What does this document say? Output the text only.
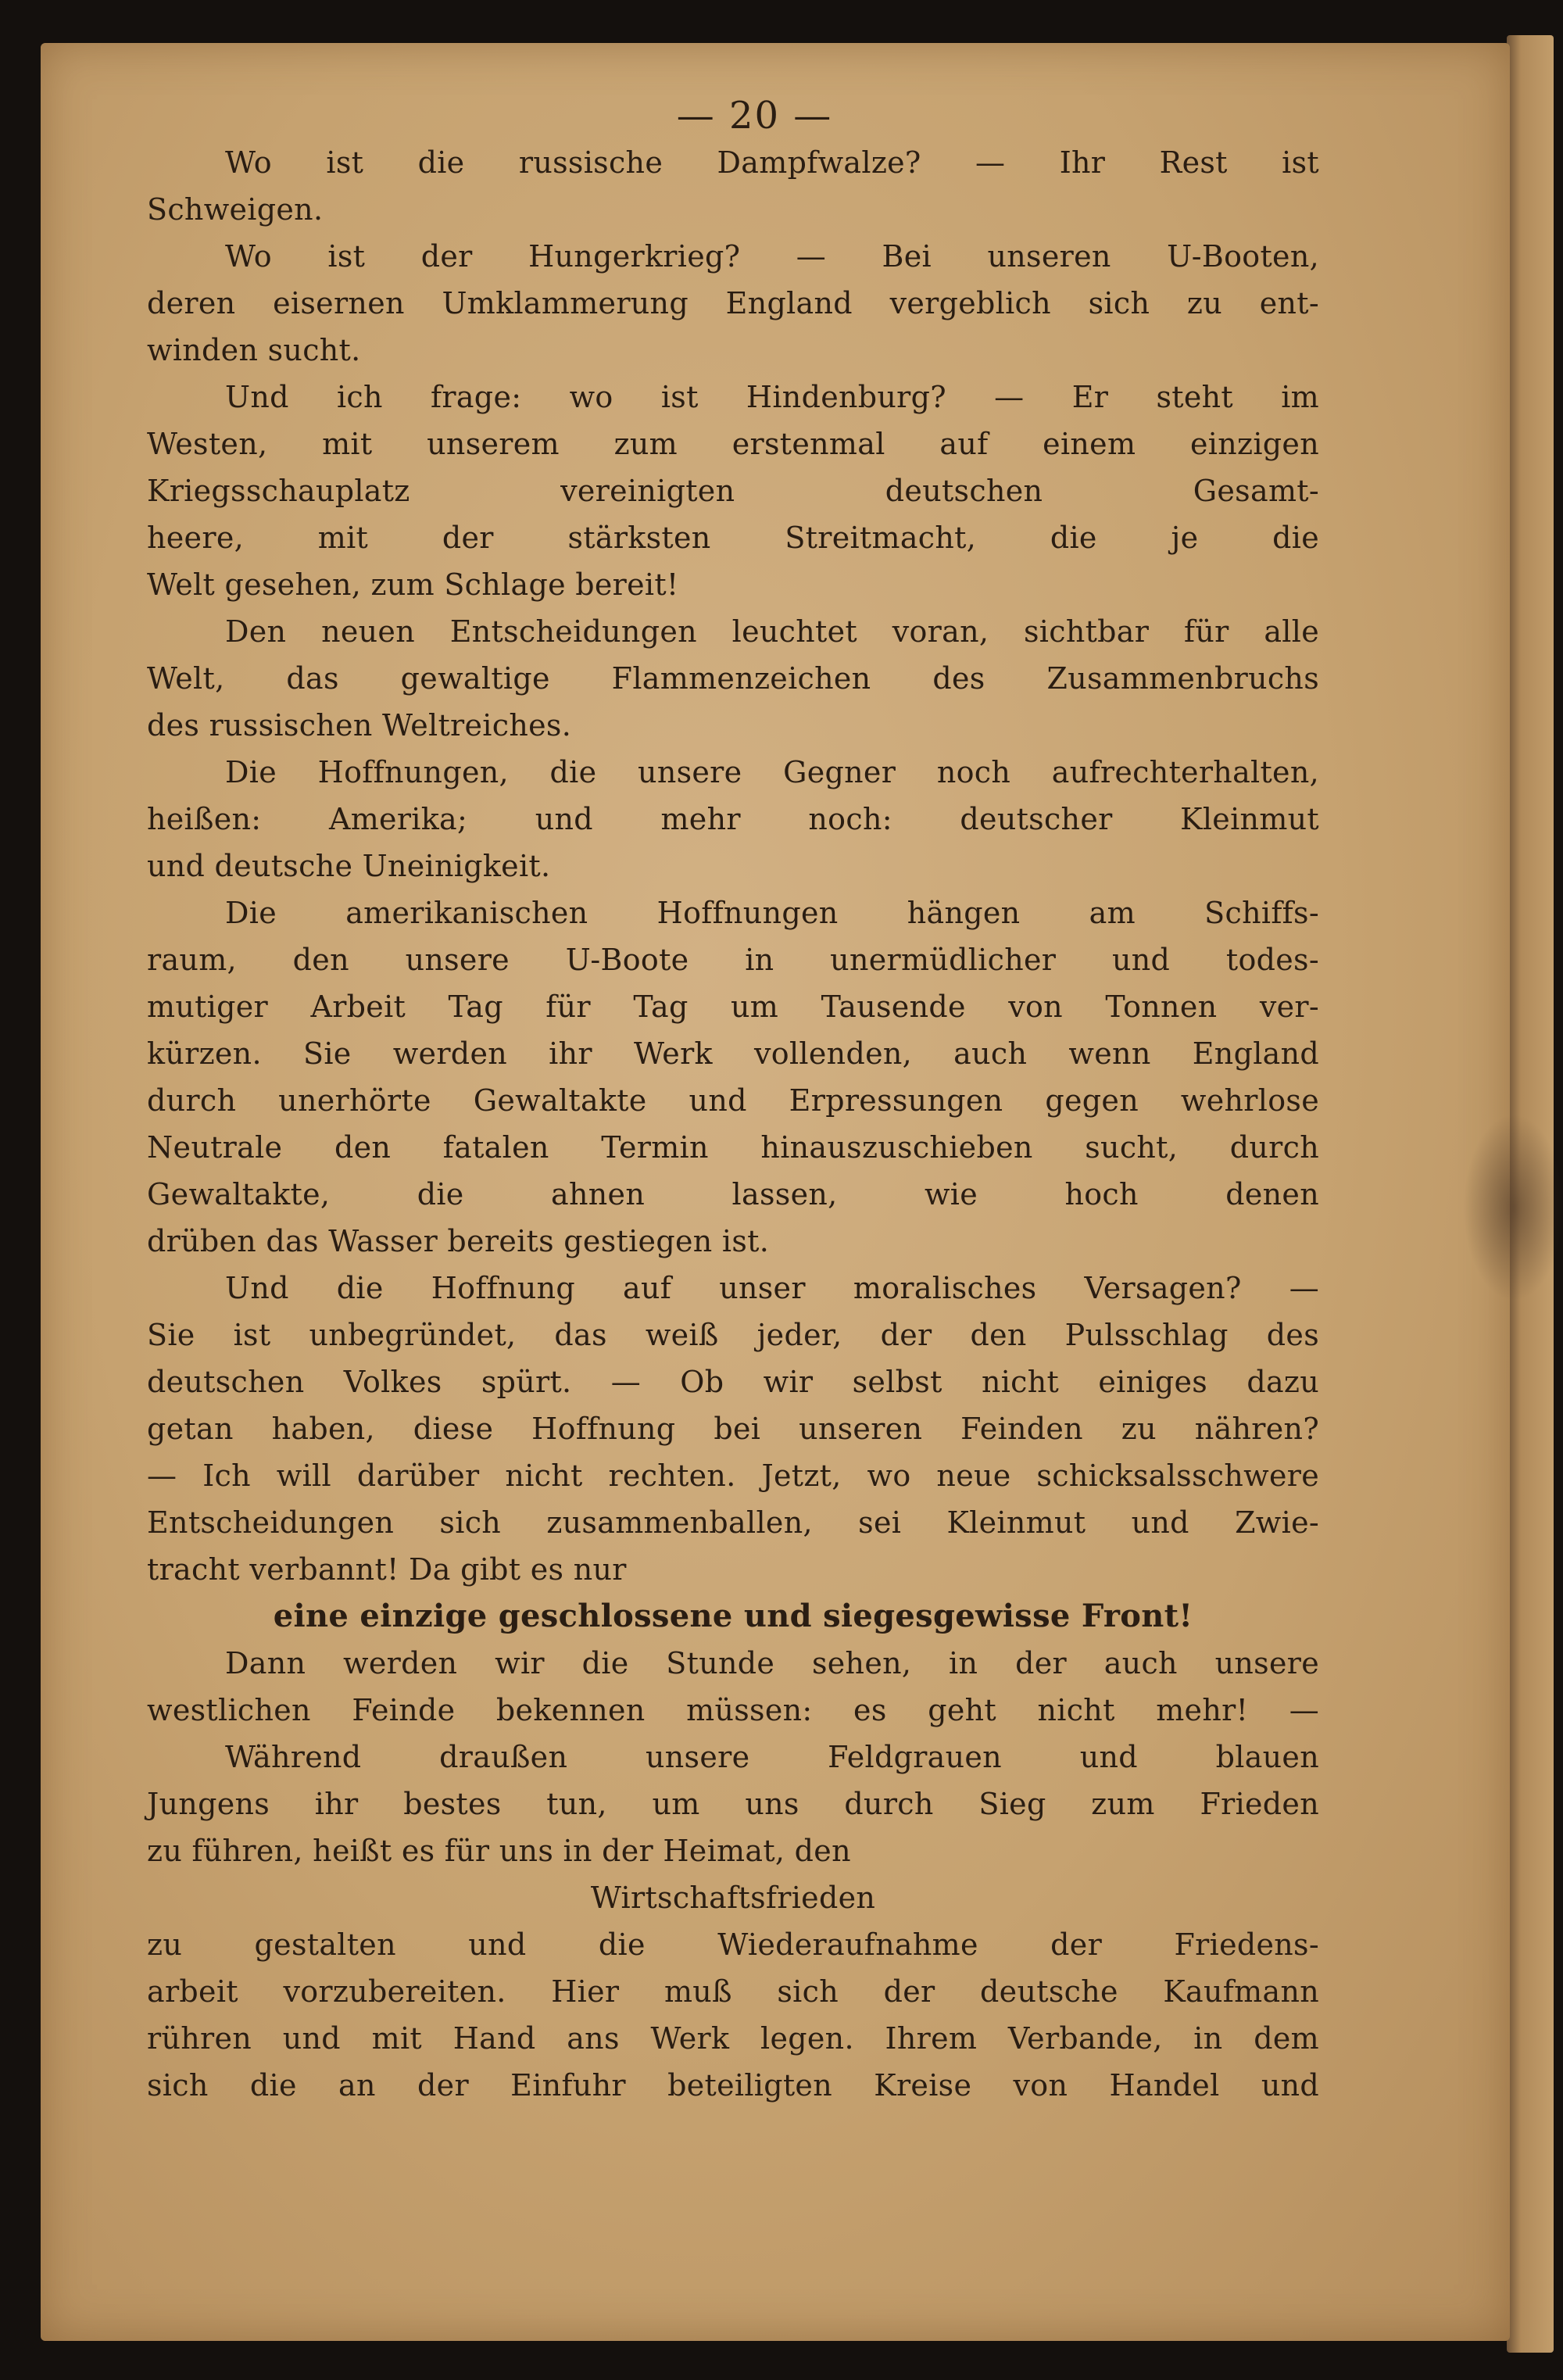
— 20 —
Wo ist die russische Dampfwalze? — Ihr Rest ist
Schweigen.
Wo ist der Hungerkrieg? — Bei unseren U-Booten,
deren eisernen Umklammerung England vergeblich sich zu ent-
winden sucht.
Und ich frage: wo ist Hindenburg? — Er steht im
Westen, mit unserem zum erstenmal auf einem einzigen
Kriegsschauplatz vereinigten deutschen Gesamt-
heere, mit der stärksten Streitmacht, die je die
Welt gesehen, zum Schlage bereit!
Den neuen Entscheidungen leuchtet voran, sichtbar für alle
Welt, das gewaltige Flammenzeichen des Zusammenbruchs
des russischen Weltreiches.
Die Hoffnungen, die unsere Gegner noch aufrechterhalten,
heißen: Amerika; und mehr noch: deutscher Kleinmut
und deutsche Uneinigkeit.
Die amerikanischen Hoffnungen hängen am Schiffs-
raum, den unsere U-Boote in unermüdlicher und todes-
mutiger Arbeit Tag für Tag um Tausende von Tonnen ver-
kürzen. Sie werden ihr Werk vollenden, auch wenn England
durch unerhörte Gewaltakte und Erpressungen gegen wehrlose
Neutrale den fatalen Termin hinauszuschieben sucht, durch
Gewaltakte, die ahnen lassen, wie hoch denen
drüben das Wasser bereits gestiegen ist.
Und die Hoffnung auf unser moralisches Versagen? —
Sie ist unbegründet, das weiß jeder, der den Pulsschlag des
deutschen Volkes spürt. — Ob wir selbst nicht einiges dazu
getan haben, diese Hoffnung bei unseren Feinden zu nähren?
— Ich will darüber nicht rechten. Jetzt, wo neue schicksalsschwere
Entscheidungen sich zusammenballen, sei Kleinmut und Zwie-
tracht verbannt! Da gibt es nur
eine einzige geschlossene und siegesgewisse Front!
Dann werden wir die Stunde sehen, in der auch unsere
westlichen Feinde bekennen müssen: es geht nicht mehr! —
Während draußen unsere Feldgrauen und blauen
Jungens ihr bestes tun, um uns durch Sieg zum Frieden
zu führen, heißt es für uns in der Heimat, den
Wirtschaftsfrieden
zu gestalten und die Wiederaufnahme der Friedens-
arbeit vorzubereiten. Hier muß sich der deutsche Kaufmann
rühren und mit Hand ans Werk legen. Ihrem Verbande, in dem
sich die an der Einfuhr beteiligten Kreise von Handel und
